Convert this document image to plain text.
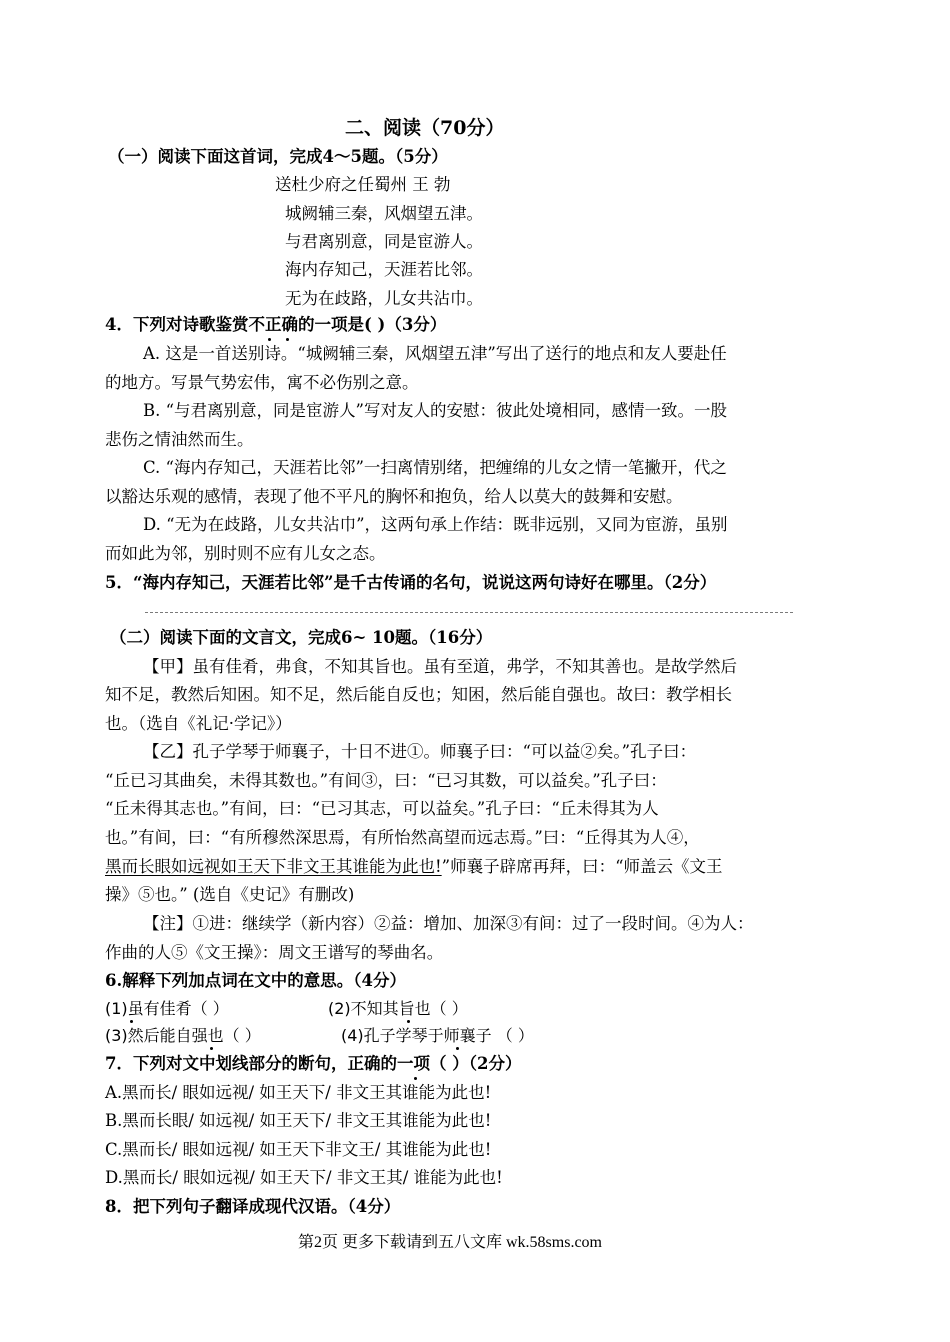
二、阅读（70分）
（一）阅读下面这首词，完成4～5题。（5分）
送杜少府之任蜀州 王 勃
城阙辅三秦，风烟望五津。
与君离别意，同是宦游人。
海内存知己，天涯若比邻。
无为在歧路，儿女共沾巾。
4．下列对诗歌鉴赏不正确的一项是( )（3分）
A. 这是一首送别诗。“城阙辅三秦，风烟望五津”写出了送行的地点和友人要赴任
的地方。写景气势宏伟，寓不必伤别之意。
B. “与君离别意，同是宦游人”写对友人的安慰：彼此处境相同，感情一致。一股
悲伤之情油然而生。
C. “海内存知己，天涯若比邻”一扫离情别绪，把缠绵的儿女之情一笔撇开，代之
以豁达乐观的感情，表现了他不平凡的胸怀和抱负，给人以莫大的鼓舞和安慰。
D. “无为在歧路，儿女共沾巾”，这两句承上作结：既非远别，又同为宦游，虽别
而如此为邻，别时则不应有儿女之态。
5．“海内存知己，天涯若比邻”是千古传诵的名句，说说这两句诗好在哪里。（2分）
（二）阅读下面的文言文，完成6~ 10题。（16分）
【甲】虽有佳肴，弗食，不知其旨也。虽有至道，弗学，不知其善也。是故学然后
知不足，教然后知困。知不足，然后能自反也；知困，然后能自强也。故曰：教学相长
也。（选自《礼记·学记》）
【乙】孔子学琴于师襄子，十日不进①。师襄子曰：“可以益②矣。”孔子曰：
“丘已习其曲矣，未得其数也。”有间③，曰：“已习其数，可以益矣。”孔子曰：
“丘未得其志也。”有间，曰：“已习其志，可以益矣。”孔子曰：“丘未得其为人
也。”有间，曰：“有所穆然深思焉，有所怡然高望而远志焉。”曰：“丘得其为人④，
黑而长眼如远视如王天下非文王其谁能为此也!”师襄子辟席再拜，曰：“师盖云《文王
操》⑤也。” (选自《史记》有删改)
【注】①进：继续学（新内容）②益：增加、加深③有间：过了一段时间。④为人：
作曲的人⑤《文王操》：周文王谱写的琴曲名。
6.解释下列加点词在文中的意思。（4分）
(1)虽有佳肴（ ）	(2)不知其旨也（ ）
(3)然后能自强也（ ）	(4)孔子学琴于师襄子 （ ）
7．下列对文中划线部分的断句，正确的一项（ ）（2分）
A.黑而长/ 眼如远视/ 如王天下/ 非文王其谁能为此也!
B.黑而长眼/ 如远视/ 如王天下/ 非文王其谁能为此也!
C.黑而长/ 眼如远视/ 如王天下非文王/ 其谁能为此也!
D.黑而长/ 眼如远视/ 如王天下/ 非文王其/ 谁能为此也!
8．把下列句子翻译成现代汉语。（4分）
第2页 更多下载请到五八文库 wk.58sms.com
